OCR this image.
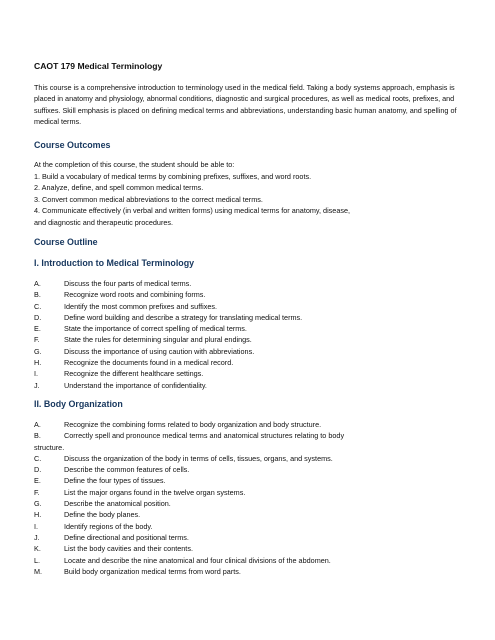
CAOT 179 Medical Terminology

This course is a comprehensive introduction to terminology used in the medical field. Taking a body systems approach, emphasis is placed in anatomy and physiology, abnormal conditions, diagnostic and surgical procedures, as well as medical roots, prefixes, and suffixes. Skill emphasis is placed on defining medical terms and abbreviations, understanding basic human anatomy, and spelling of medical terms.

Course Outcomes

At the completion of this course, the student should be able to:

1. Build a vocabulary of medical terms by combining prefixes, suffixes, and word roots.

2. Analyze, define, and spell common medical terms.

3. Convert common medical abbreviations to the correct medical terms.

4. Communicate effectively (in verbal and written forms) using medical terms for anatomy, disease,

and diagnostic and therapeutic procedures.

Course Outline
I. Introduction to Medical Terminology
A.	Discuss the four parts of medical terms.
B.	Recognize word roots and combining forms.
C.	Identify the most common prefixes and suffixes.
D.	Define word building and describe a strategy for translating medical terms.
E.	State the importance of correct spelling of medical terms.
F.	State the rules for determining singular and plural endings.
G.	Discuss the importance of using caution with abbreviations.
H.	Recognize the documents found in a medical record.
I.	Recognize the different healthcare settings.
J.	Understand the importance of confidentiality.
II. Body Organization
A.	Recognize the combining forms related to body organization and body structure.
B.	Correctly spell and pronounce medical terms and anatomical structures relating to body
structure.
C.	Discuss the organization of the body in terms of cells, tissues, organs, and systems.
D.	Describe the common features of cells.
E.	Define the four types of tissues.
F.	List the major organs found in the twelve organ systems.
G.	Describe the anatomical position.
H.	Define the body planes.
I.	Identify regions of the body.
J.	Define directional and positional terms.
K.	List the body cavities and their contents.
L.	Locate and describe the nine anatomical and four clinical divisions of the abdomen.
M.	Build body organization medical terms from word parts.
